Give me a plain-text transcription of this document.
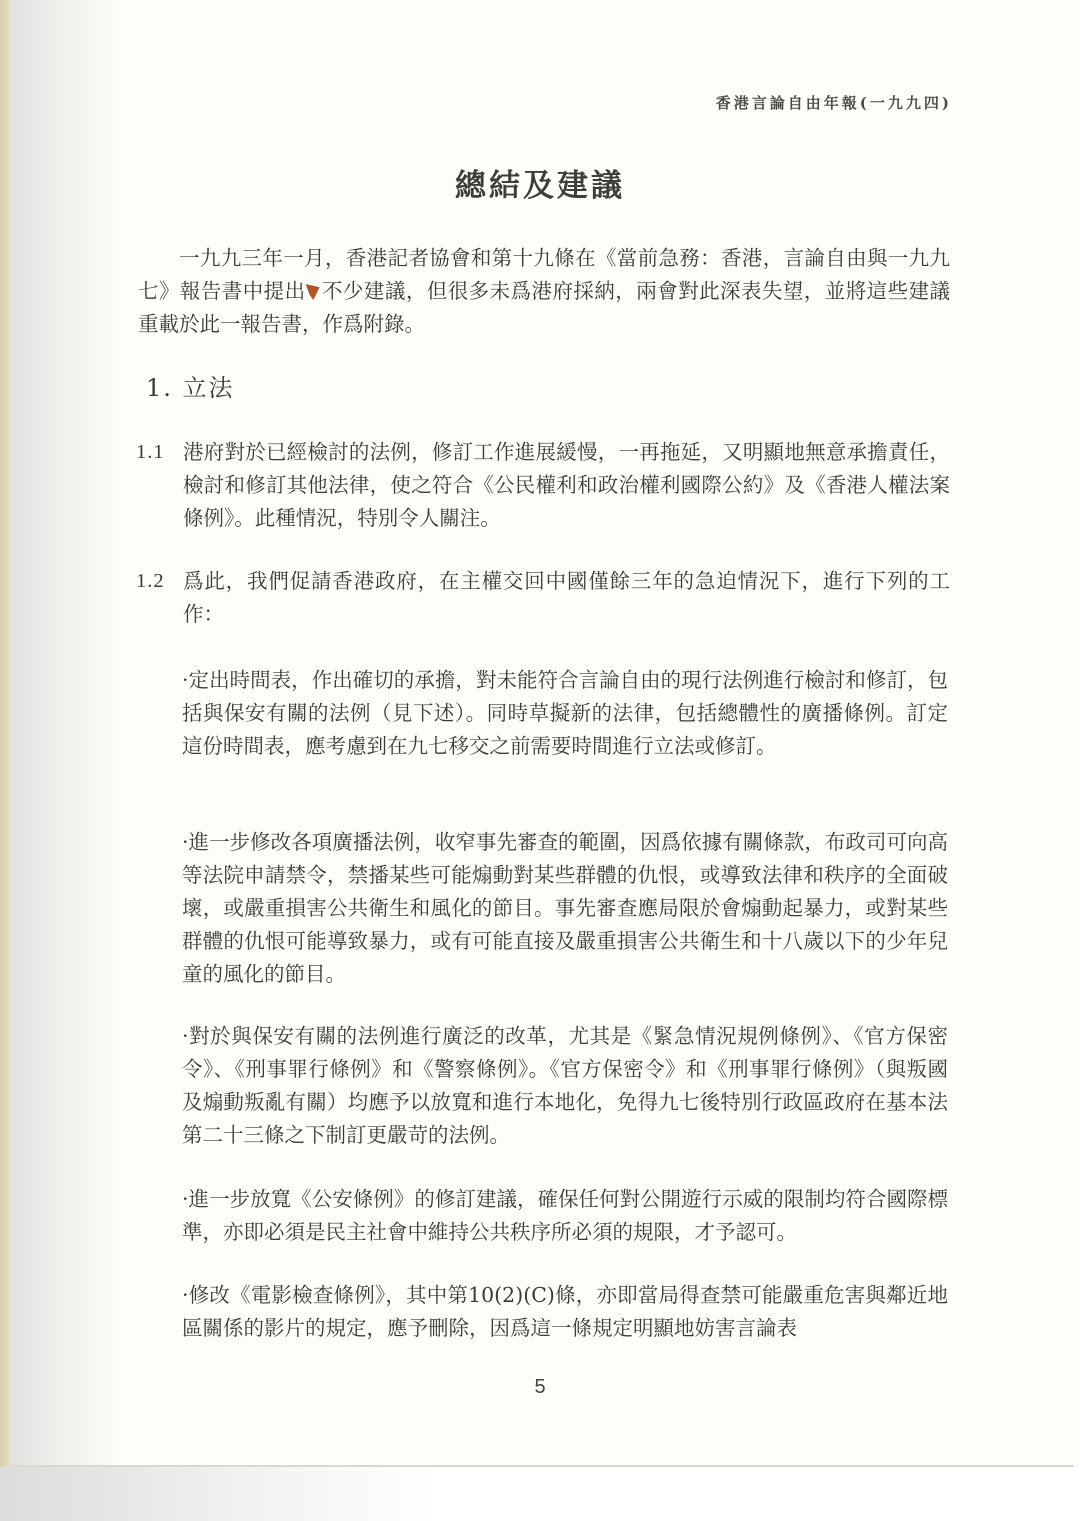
香港言論自由年報(一九九四)
總結及建議
一九九三年一月，香港記者協會和第十九條在《當前急務：香港，言論自由與一九九七》報告書中提出 不少建議，但很多未爲港府採納，兩會對此深表失望，並將這些建議重載於此一報告書，作爲附錄。
1. 立法
1.1 港府對於已經檢討的法例，修訂工作進展緩慢，一再拖延，又明顯地無意承擔責任，檢討和修訂其他法律，使之符合《公民權利和政治權利國際公約》及《香港人權法案條例》。此種情況，特別令人關注。
1.2 爲此，我們促請香港政府，在主權交回中國僅餘三年的急迫情況下，進行下列的工作：
·定出時間表，作出確切的承擔，對未能符合言論自由的現行法例進行檢討和修訂，包括與保安有關的法例（見下述）。同時草擬新的法律，包括總體性的廣播條例。訂定這份時間表，應考慮到在九七移交之前需要時間進行立法或修訂。
·進一步修改各項廣播法例，收窄事先審查的範圍，因爲依據有關條款，布政司可向高等法院申請禁令，禁播某些可能煽動對某些群體的仇恨，或導致法律和秩序的全面破壞，或嚴重損害公共衛生和風化的節目。事先審查應局限於會煽動起暴力，或對某些群體的仇恨可能導致暴力，或有可能直接及嚴重損害公共衛生和十八歲以下的少年兒童的風化的節目。
·對於與保安有關的法例進行廣泛的改革，尤其是《緊急情況規例條例》、《官方保密令》、《刑事罪行條例》和《警察條例》。《官方保密令》和《刑事罪行條例》（與叛國及煽動叛亂有關）均應予以放寬和進行本地化，免得九七後特別行政區政府在基本法第二十三條之下制訂更嚴苛的法例。
·進一步放寬《公安條例》的修訂建議，確保任何對公開遊行示威的限制均符合國際標準，亦即必須是民主社會中維持公共秩序所必須的規限，才予認可。
·修改《電影檢查條例》，其中第10(2)(C)條，亦即當局得查禁可能嚴重危害與鄰近地區關係的影片的規定，應予刪除，因爲這一條規定明顯地妨害言論表
5
